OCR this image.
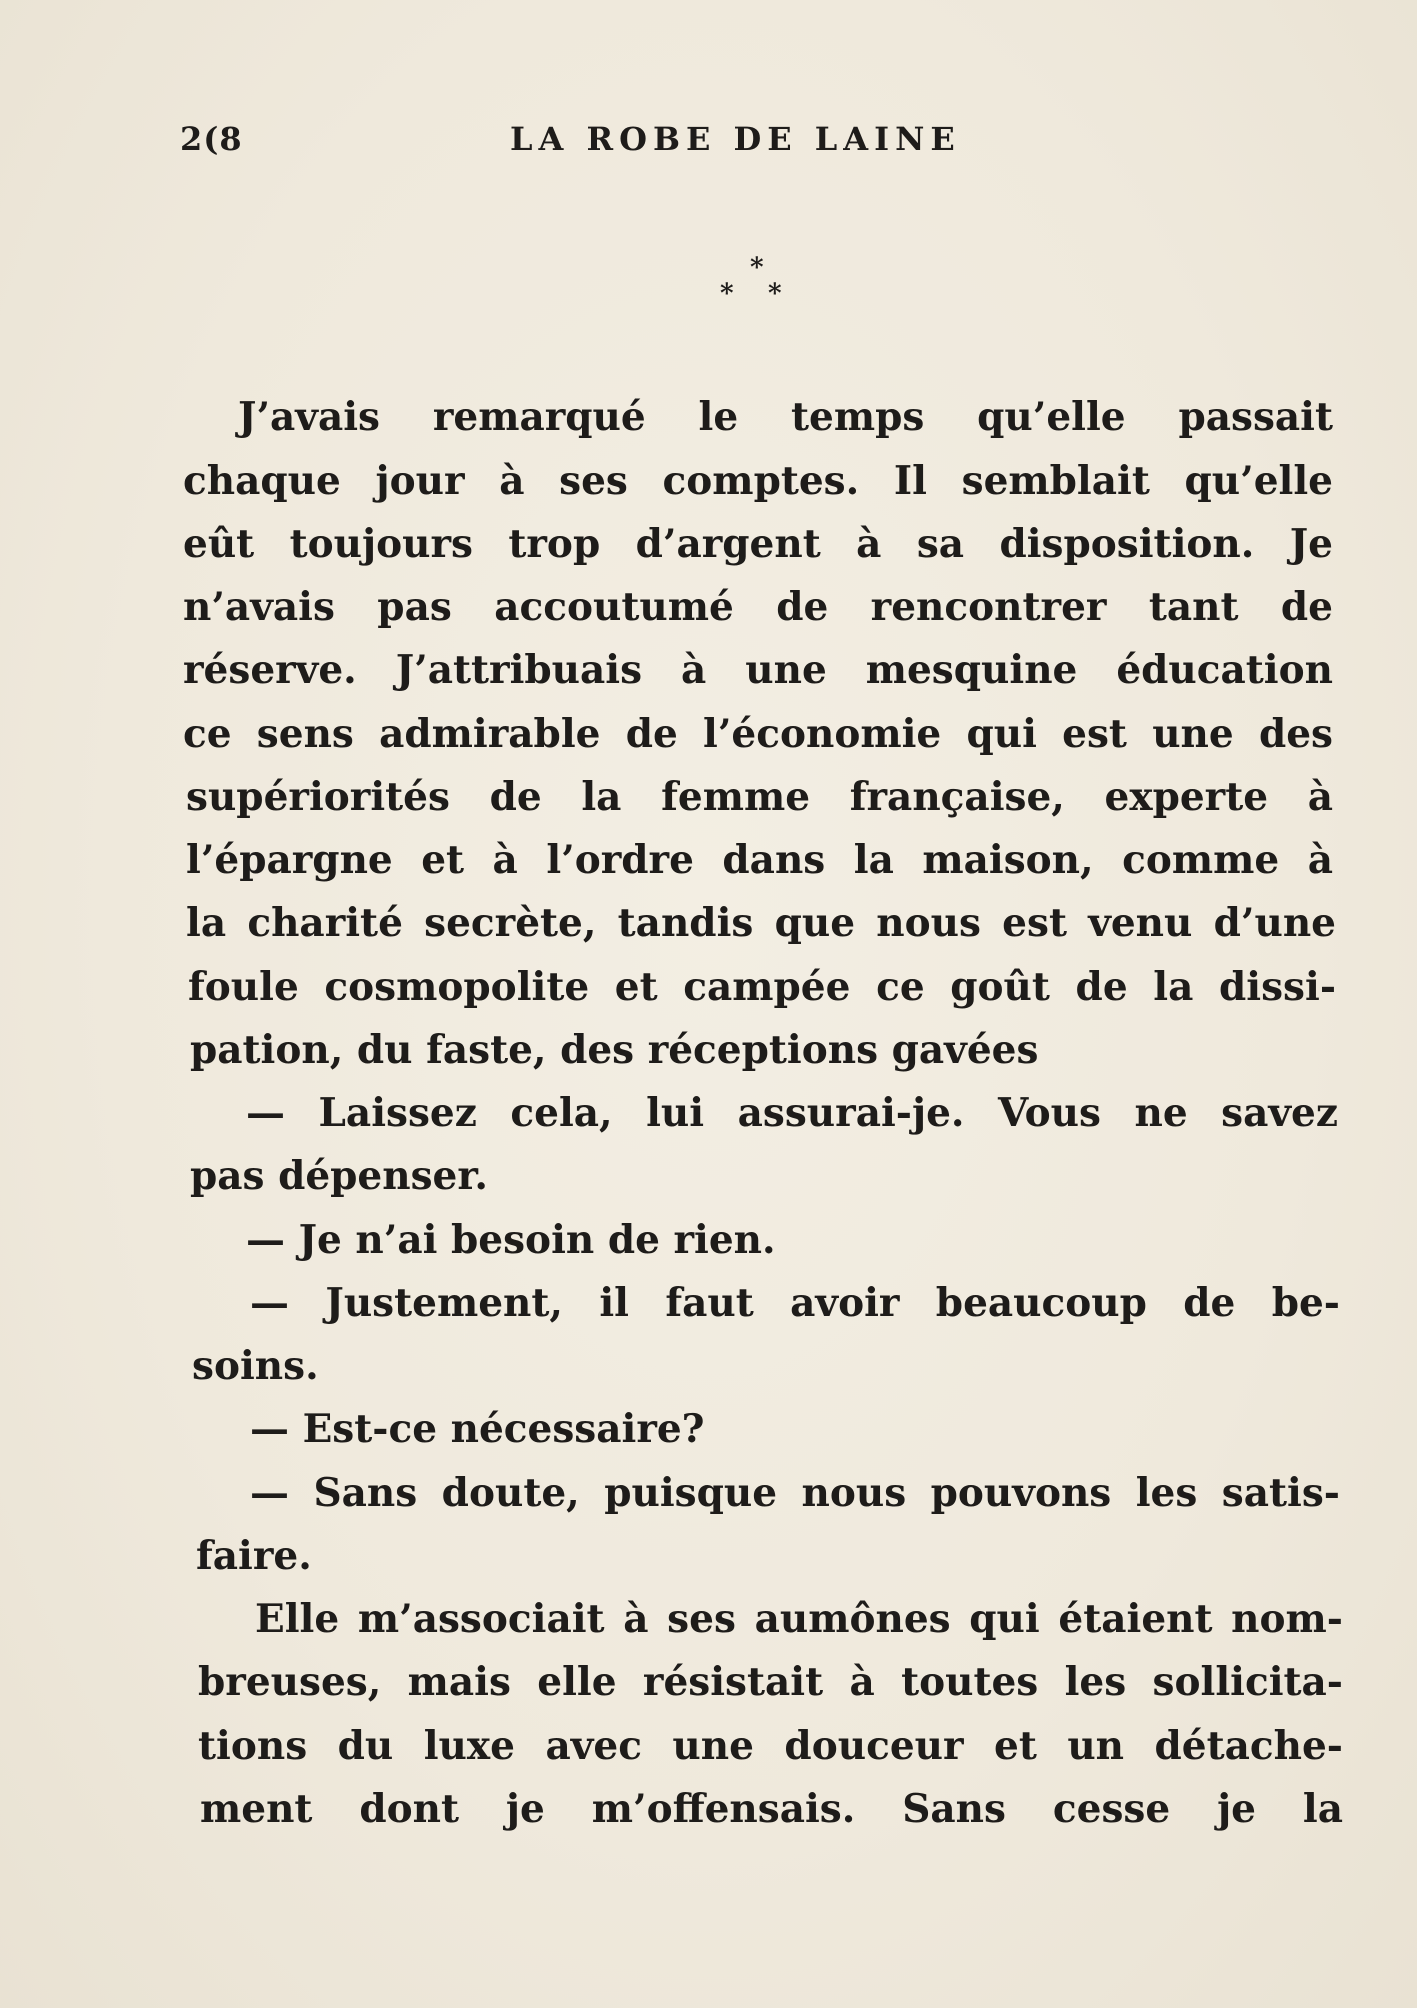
2(8	LA ROBE DE LAINE
*
* *
J’avais remarqué le temps qu’elle passait
chaque jour à ses comptes. Il semblait qu’elle
eût toujours trop d’argent à sa disposition. Je
n’avais pas accoutumé de rencontrer tant de
réserve. J’attribuais à une mesquine éducation
ce sens admirable de l’économie qui est une des
supériorités de la femme française, experte à
l’épargne et à l’ordre dans la maison, comme à
la charité secrète, tandis que nous est venu d’une
foule cosmopolite et campée ce goût de la dissi-
pation, du faste, des réceptions gavées
— Laissez cela, lui assurai-je. Vous ne savez
pas dépenser.
— Je n’ai besoin de rien.
— Justement, il faut avoir beaucoup de be-
soins.
— Est-ce nécessaire?
— Sans doute, puisque nous pouvons les satis-
faire.
Elle m’associait à ses aumônes qui étaient nom-
breuses, mais elle résistait à toutes les sollicita-
tions du luxe avec une douceur et un détache-
ment dont je m’offensais. Sans cesse je la
